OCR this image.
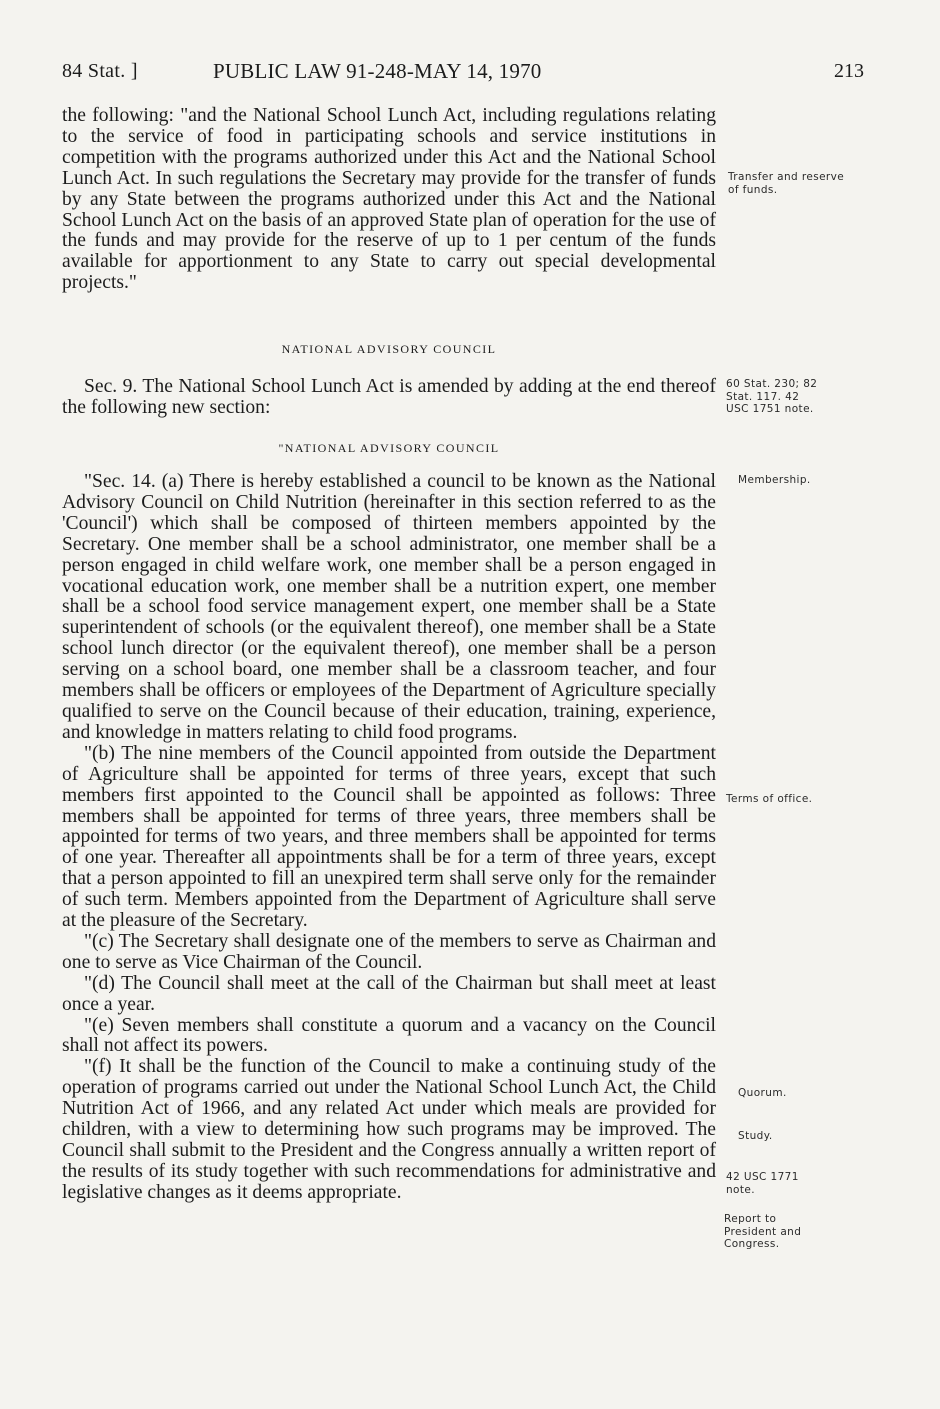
84 Stat. ]	PUBLIC LAW 91-248-MAY 14, 1970	213

the following: "and the National School Lunch Act, including regulations relating to the service of food in participating schools and service institutions in competition with the programs authorized under this Act and the National School Lunch Act. In such regulations the Secretary may provide for the transfer of funds by any State between the programs authorized under this Act and the National School Lunch Act on the basis of an approved State plan of operation for the use of the funds and may provide for the reserve of up to 1 per centum of the funds available for apportionment to any State to carry out special developmental projects."

NATIONAL ADVISORY COUNCIL

Sec. 9. The National School Lunch Act is amended by adding at the end thereof the following new section:

"NATIONAL ADVISORY COUNCIL

"Sec. 14. (a) There is hereby established a council to be known as the National Advisory Council on Child Nutrition (hereinafter in this section referred to as the 'Council') which shall be composed of thirteen members appointed by the Secretary. One member shall be a school administrator, one member shall be a person engaged in child welfare work, one member shall be a person engaged in vocational education work, one member shall be a nutrition expert, one member shall be a school food service management expert, one member shall be a State superintendent of schools (or the equivalent thereof), one member shall be a State school lunch director (or the equivalent thereof), one member shall be a person serving on a school board, one member shall be a classroom teacher, and four members shall be officers or employees of the Department of Agriculture specially qualified to serve on the Council because of their education, training, experience, and knowledge in matters relating to child food programs.

"(b) The nine members of the Council appointed from outside the Department of Agriculture shall be appointed for terms of three years, except that such members first appointed to the Council shall be appointed as follows: Three members shall be appointed for terms of three years, three members shall be appointed for terms of two years, and three members shall be appointed for terms of one year. Thereafter all appointments shall be for a term of three years, except that a person appointed to fill an unexpired term shall serve only for the remainder of such term. Members appointed from the Department of Agriculture shall serve at the pleasure of the Secretary.

"(c) The Secretary shall designate one of the members to serve as Chairman and one to serve as Vice Chairman of the Council.

"(d) The Council shall meet at the call of the Chairman but shall meet at least once a year.

"(e) Seven members shall constitute a quorum and a vacancy on the Council shall not affect its powers.

"(f) It shall be the function of the Council to make a continuing study of the operation of programs carried out under the National School Lunch Act, the Child Nutrition Act of 1966, and any related Act under which meals are provided for children, with a view to determining how such programs may be improved. The Council shall submit to the President and the Congress annually a written report of the results of its study together with such recommendations for administrative and legislative changes as it deems appropriate.

Transfer and reserve of funds.
60 Stat. 230; 82 Stat. 117. 42 USC 1751 note.
Membership.
Terms of office.
Quorum.
Study.
42 USC 1771 note.
Report to President and Congress.
